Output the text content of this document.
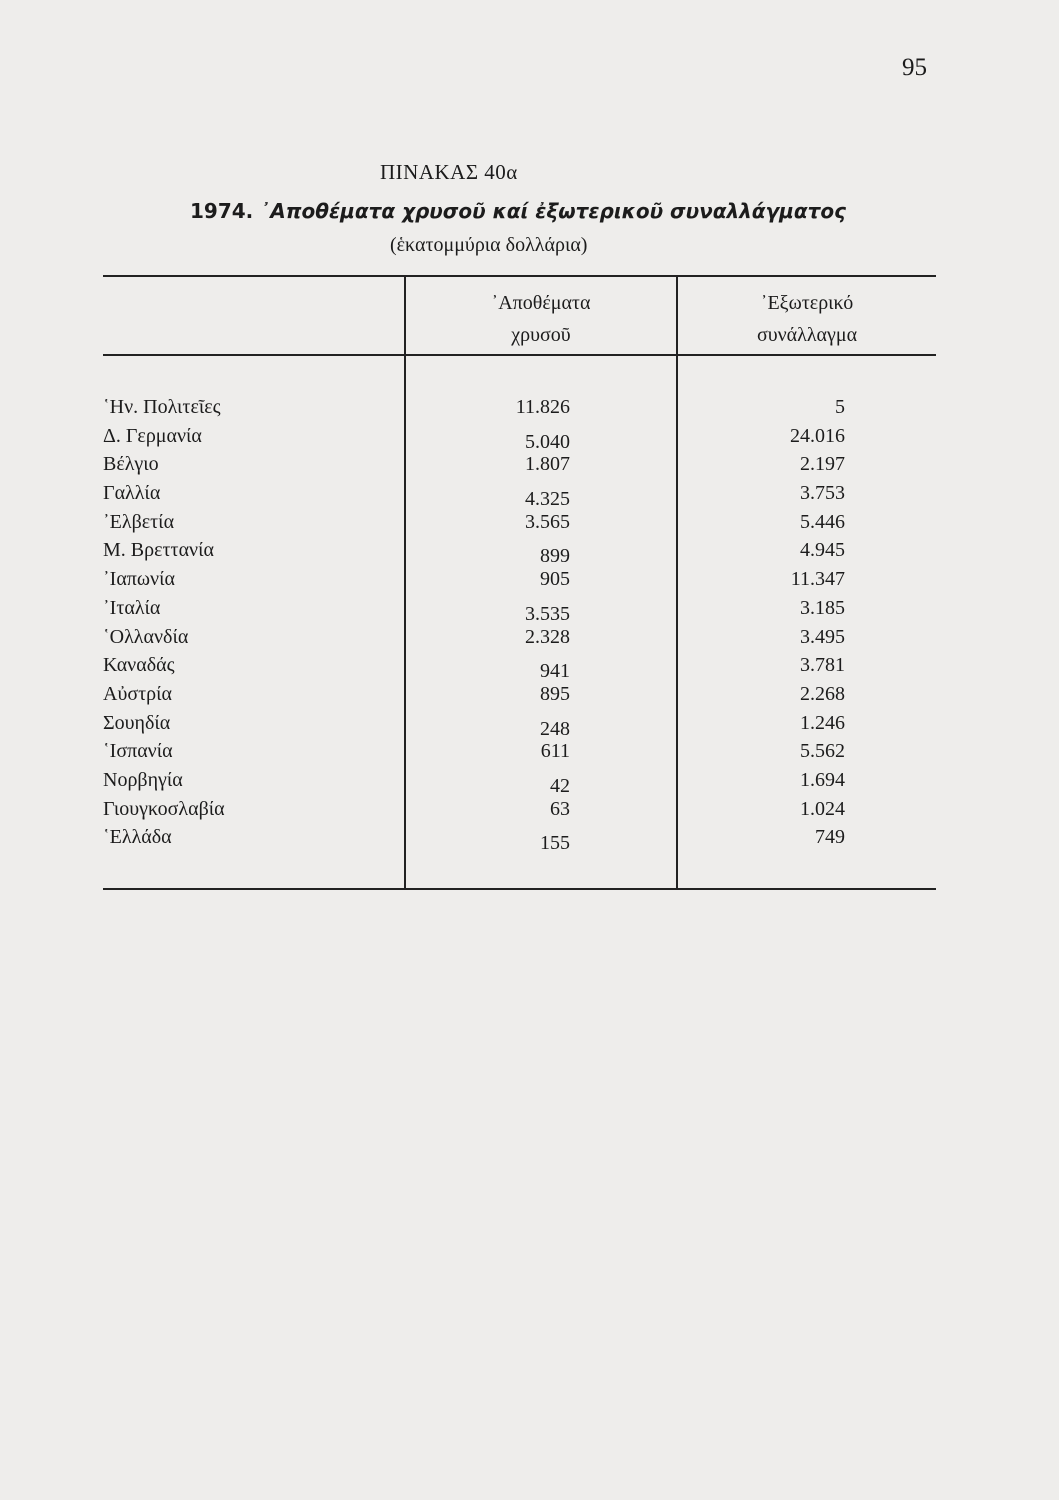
95
ΠΙΝΑΚΑΣ 40α
1974. ᾽Αποθέματα χρυσοῦ καί ἐξωτερικοῦ συναλλάγματος
(ἑκατομμύρια δολλάρια)
᾽Αποθέματα
χρυσοῦ
᾽Εξωτερικό
συνάλλαγμα
῾Ην. Πολιτεῖες
Δ. Γερμανία
Βέλγιο
Γαλλία
᾽Ελβετία
Μ. Βρεττανία
᾽Ιαπωνία
᾽Ιταλία
῾Ολλανδία
Καναδάς
Αὐστρία
Σουηδία
῾Ισπανία
Νορβηγία
Γιουγκοσλαβία
῾Ελλάδα
11.826
5.040
1.807
4.325
3.565
899
905
3.535
2.328
941
895
248
611
42
63
155
5
24.016
2.197
3.753
5.446
4.945
11.347
3.185
3.495
3.781
2.268
1.246
5.562
1.694
1.024
749
